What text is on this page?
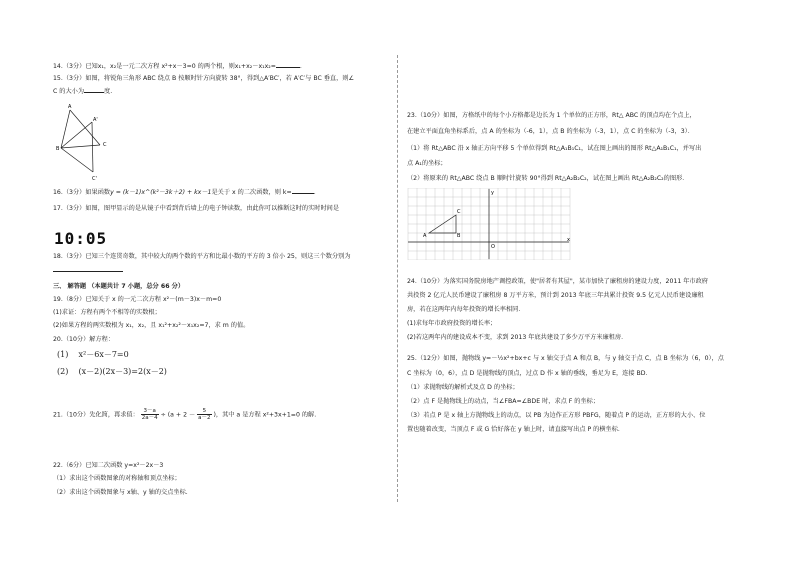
14.（3分）已知x₁，x₂是一元二次方程 x²+x－3=0 的两个根，则x₁+x₂－x₁x₂=	.
15.（3分）如图，将锐角三角形 ABC 绕点 B 按顺时针方向旋转 38°，得到△A′BC′，若 A′C′与 BC 垂直，则∠
C 的大小为	度.
A
A'
B
C
C'
16.（3分）如果函数y = (k－1)x^(k²－3k＋2) + kx－1是关于 x 的二次函数，则 k=	.
17.（3分）如图，图甲显示的是从镜子中看到背后墙上的电子钟读数，由此你可以推断这时的实时时间是
10:05
18.（3分）已知三个连贯奇数，其中较大的两个数的平方和比最小数的平方的 3 倍小 25，则这三个数分别为
三、 解答题 （本题共计 7 小题，总分 66 分）
19.（8分）已知关于 x 的一元二次方程 x²－(m－3)x－m=0
(1)求证：方程有两个不相等的实数根；
(2)如果方程的两实数根为 x₁，x₂，且 x₁²+x₂²－x₁x₂=7，求 m 的值。
20.（10分）解方程：
(1) x²－6x－7=0
(2) (x－2)(2x－3)=2(x－2)
21.（10分）先化简，再求值： $\frac{3-a}{2a-4} \div (a + 2 - \frac{5}{a-2}$ )，其中 a 是方程 x²+3x+1=0 的解.
22.（6分）已知二次函数 y=x²－2x－3
（1）求出这个函数图象的对称轴和顶点坐标；
（2）求出这个函数图象与 x轴、y 轴的交点坐标.
23.（10分）如图，方格纸中的每个小方格都是边长为 1 个单位的正方形，Rt△ ABC 的顶点均在个点上，
在建立平面直角坐标系后，点 A 的坐标为（-6，1），点 B 的坐标为（-3，1），点 C 的坐标为（-3，3）．
（1）将 Rt△ABC 沿 x 轴正方向平移 5 个单位得到 Rt△A₁B₁C₁，试在图上画出的图形 Rt△A₁B₁C₁，并写出
点 A₁的坐标；
（2）将原来的 Rt△ABC 绕点 B 顺时针旋转 90°得到 Rt△A₂B₂C₂，试在图上画出 Rt△A₂B₂C₂的图形．
x
y
O
A	B
C
24.（10分）为落实国务院房地产调控政策，使"居者有其屋"，某市加快了廉租房的建设力度，2011 年市政府
共投资 2 亿元人民币建设了廉租房 8 万平方米，预计到 2013 年底三年共累计投资 9.5 亿元人民币建设廉租
房，若在这两年内每年投资的增长率相同．
(1)求每年市政府投资的增长率；
(2)若这两年内的建设成本不变，求到 2013 年底共建设了多少万平方米廉租房．
25.（12分）如图，抛物线 y=－½x²+bx+c 与 x 轴交于点 A 和点 B，与 y 轴交于点 C，点 B 坐标为（6，0），点
C 坐标为（0，6），点 D 是抛物线的顶点，过点 D 作 x 轴的垂线，垂足为 E，连接 BD．
（1）求抛物线的解析式及点 D 的坐标；
（2）点 F 是抛物线上的动点，当∠FBA=∠BDE 时，求点 F 的坐标；
（3）若点 P 是 x 轴上方抛物线上的动点，以 PB 为边作正方形 PBFG，随着点 P 的运动，正方形的大小、位
置也随着改变，当顶点 F 或 G 恰好落在 y 轴上时，请直接写出点 P 的横坐标．
